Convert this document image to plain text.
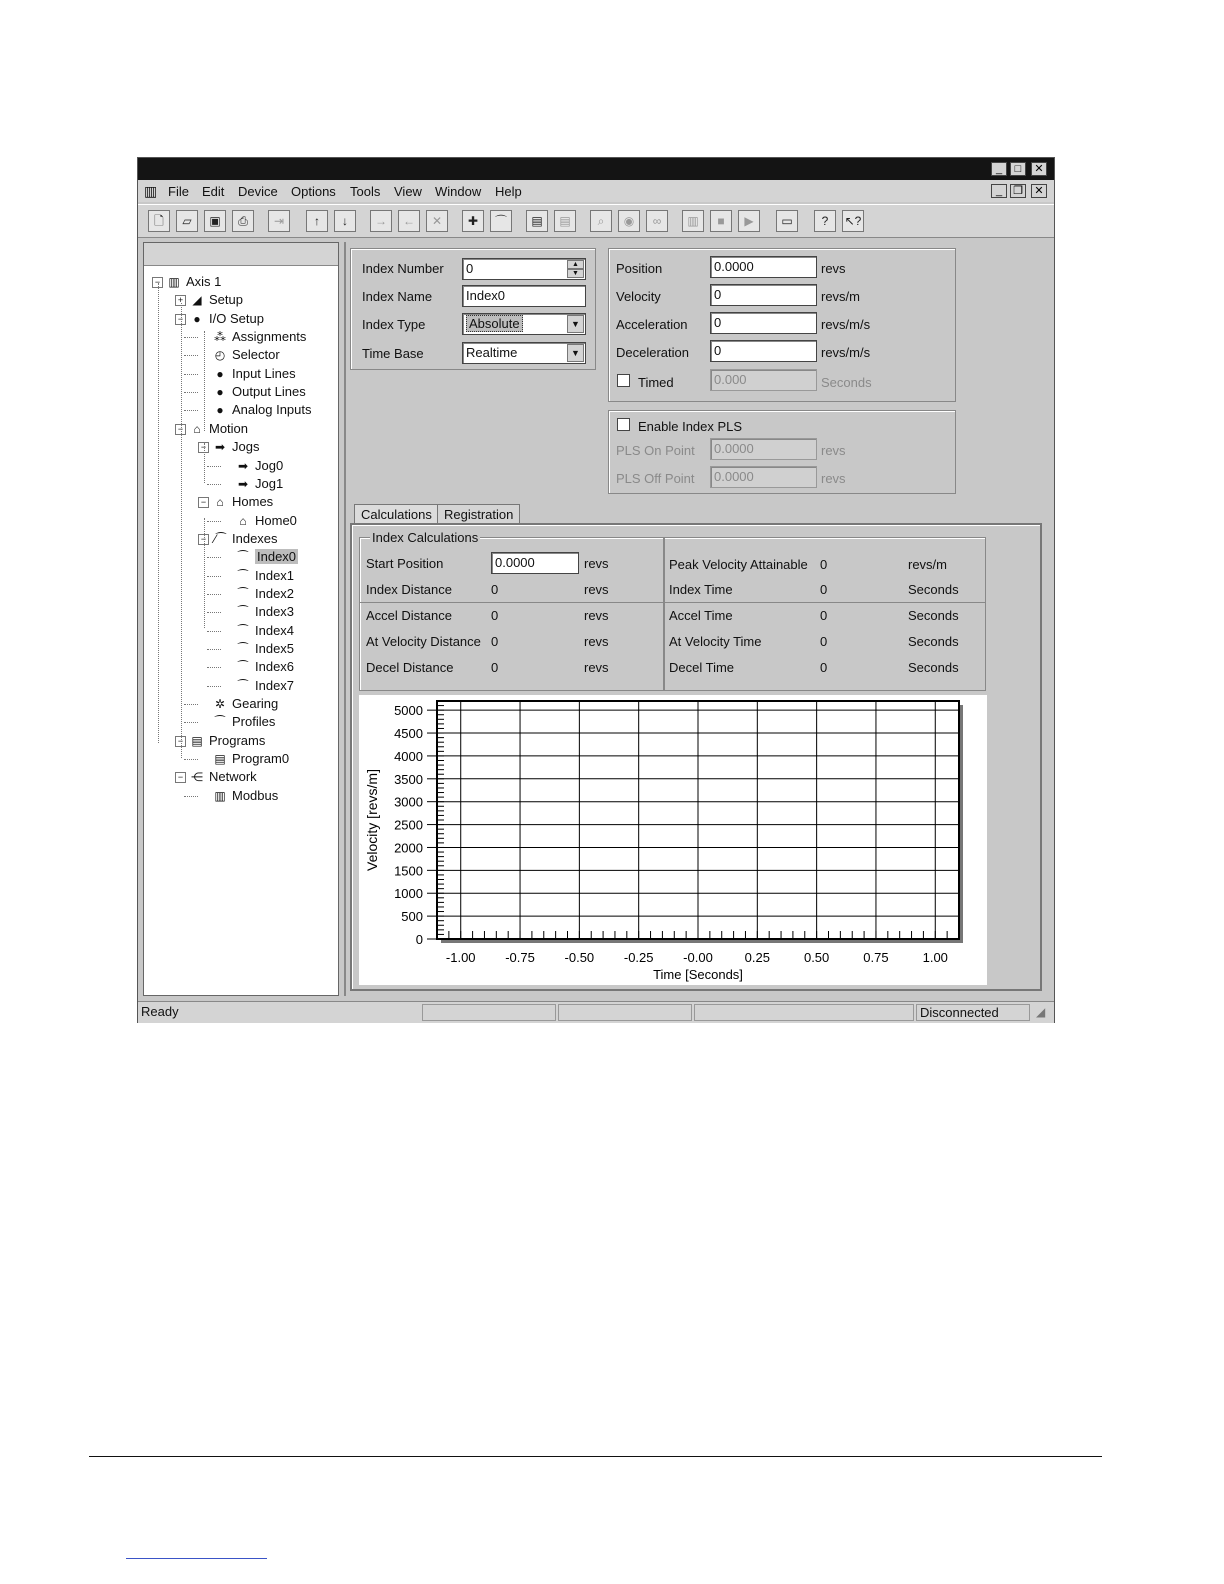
_	□	✕
▥ File Edit Device Options Tools View Window Help	_	❐	✕
🗋	▱	▣	⎙	⇥	↑	↓	→	←	✕	✚	⌒	▤	▤	⌕	◉	∞	▥	■	▶	▭	?	↖?
− ▥ Axis 1
+ ◢ Setup
− ● I/O Setup
⁂ Assignments
◴ Selector
● Input Lines
● Output Lines
● Analog Inputs
− ⌂ Motion
− ➡ Jogs
➡ Jog0
➡ Jog1
− ⌂ Homes
⌂ Home0
− ⁄⁀ Indexes
⁀ Index0
⁀ Index1
⁀ Index2
⁀ Index3
⁀ Index4
⁀ Index5
⁀ Index6
⁀ Index7
✲ Gearing
⁀ Profiles
− ▤ Programs
▤ Program0
− ⋲ Network
▥ Modbus
Index Number	0	▲
▼
Index Name	Index0
Index Type	Absolute	▼
Time Base	Realtime	▼
Position	0.0000	revs
Velocity	0	revs/m
Acceleration	0	revs/m/s
Deceleration	0	revs/m/s
Timed	0.000	Seconds
Enable Index PLS
PLS On Point	0.0000	revs
PLS Off Point	0.0000	revs
Calculations Registration
Index Calculations
Start Position	0.0000	revs
Index Distance	0	revs
Accel Distance	0	revs
At Velocity Distance 0	revs
Decel Distance	0	revs
Peak Velocity Attainable 0	revs/m
Index Time	0	Seconds
Accel Time	0	Seconds
At Velocity Time	0	Seconds
Decel Time	0	Seconds
-1.00 -0.75 -0.50 -0.25 -0.00 0.25	0.50	0.75	1.00
0
500
1000
1500
2000
2500
3000
3500
4000
4500
5000
Time [Seconds]
Velocity [revs/m]
Ready	Disconnected	◢
